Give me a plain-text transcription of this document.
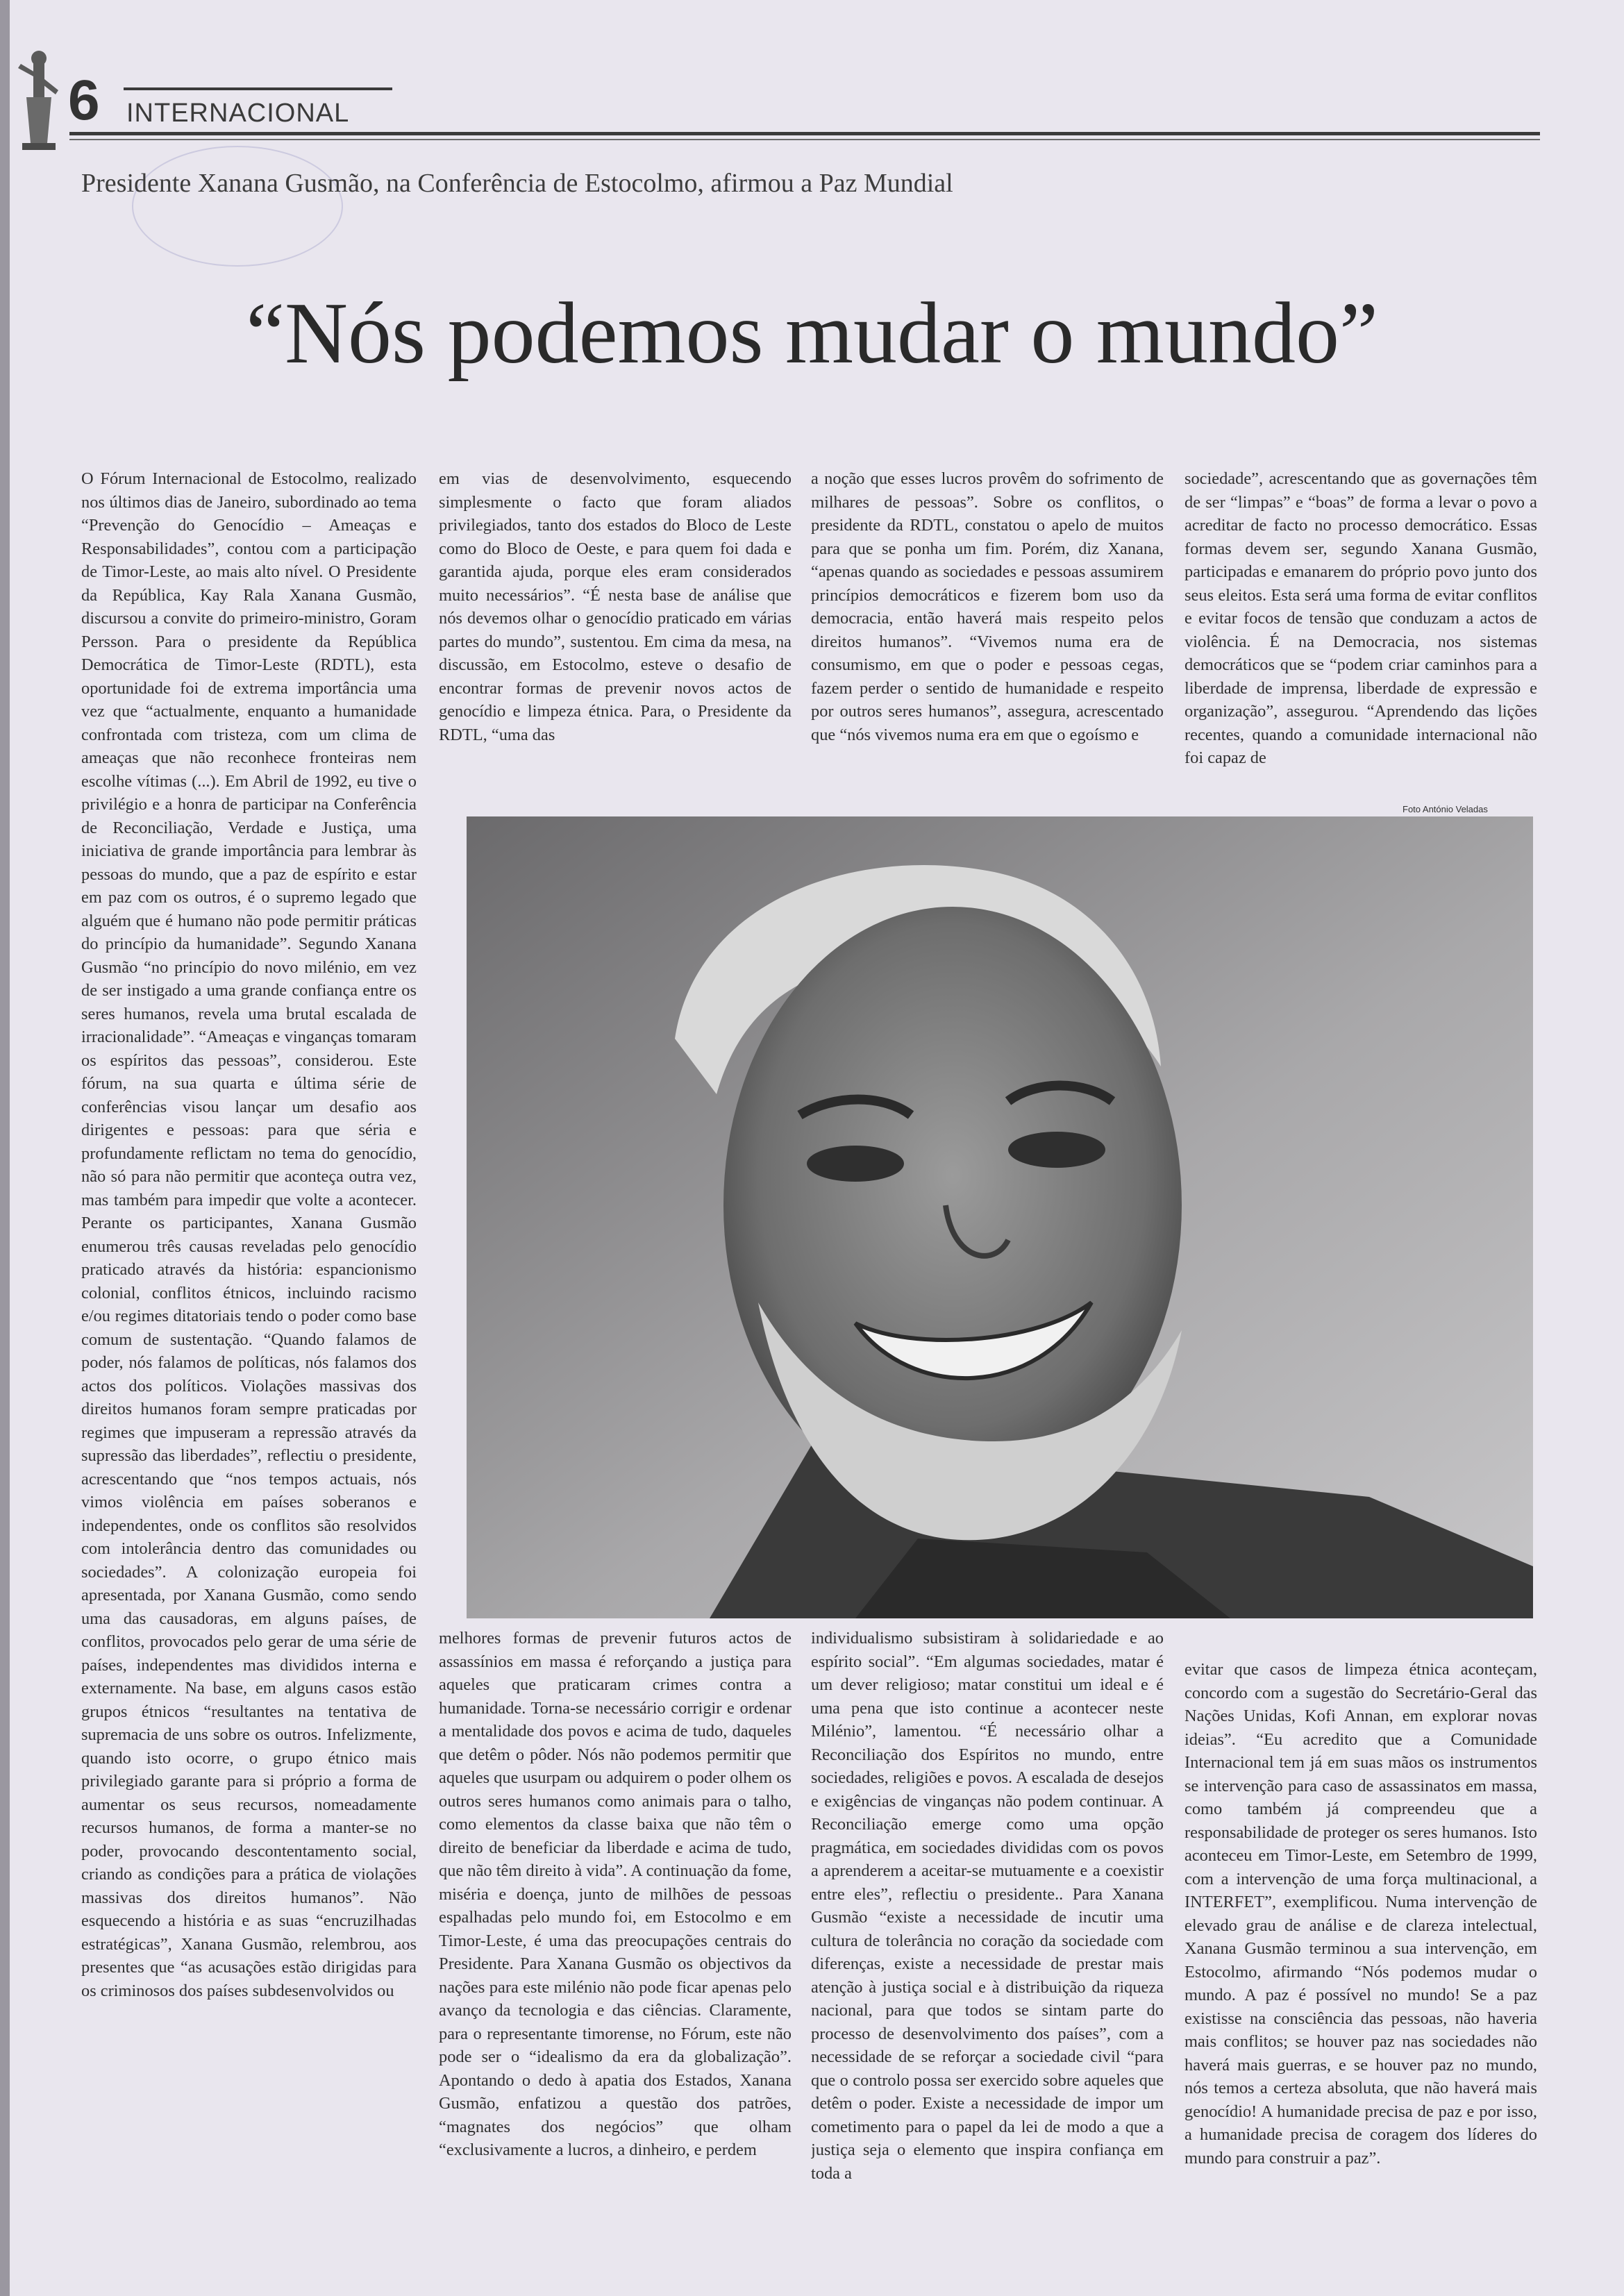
6 INTERNACIONAL
Presidente Xanana Gusmão, na Conferência de Estocolmo, afirmou a Paz Mundial
“Nós podemos mudar o mundo”

O Fórum Internacional de Estocolmo, realizado nos últimos dias de Janeiro, subordinado ao tema “Prevenção do Genocídio – Ameaças e Responsabilidades”, contou com a participação de Timor-Leste, ao mais alto nível. O Presidente da República, Kay Rala Xanana Gusmão, discursou a convite do primeiro-ministro, Goram Persson. Para o presidente da República Democrática de Timor-Leste (RDTL), esta oportunidade foi de extrema importância uma vez que “actualmente, enquanto a humanidade confrontada com tristeza, com um clima de ameaças que não reconhece fronteiras nem escolhe vítimas (...). Em Abril de 1992, eu tive o privilégio e a honra de participar na Conferência de Reconciliação, Verdade e Justiça, uma iniciativa de grande importância para lembrar às pessoas do mundo, que a paz de espírito e estar em paz com os outros, é o supremo legado que alguém que é humano não pode permitir práticas do princípio da humanidade”. Segundo Xanana Gusmão “no princípio do novo milénio, em vez de ser instigado a uma grande confiança entre os seres humanos, revela uma brutal escalada de irracionalidade”. “Ameaças e vinganças tomaram os espíritos das pessoas”, considerou. Este fórum, na sua quarta e última série de conferências visou lançar um desafio aos dirigentes e pessoas: para que séria e profundamente reflictam no tema do genocídio, não só para não permitir que aconteça outra vez, mas também para impedir que volte a acontecer. Perante os participantes, Xanana Gusmão enumerou três causas reveladas pelo genocídio praticado através da história: espancionismo colonial, conflitos étnicos, incluindo racismo e/ou regimes ditatoriais tendo o poder como base comum de sustentação. “Quando falamos de poder, nós falamos de políticas, nós falamos dos actos dos políticos. Violações massivas dos direitos humanos foram sempre praticadas por regimes que impuseram a repressão através da supressão das liberdades”, reflectiu o presidente, acrescentando que “nos tempos actuais, nós vimos violência em países soberanos e independentes, onde os conflitos são resolvidos com intolerância dentro das comunidades ou sociedades”. A colonização europeia foi apresentada, por Xanana Gusmão, como sendo uma das causadoras, em alguns países, de conflitos, provocados pelo gerar de uma série de países, independentes mas divididos interna e externamente. Na base, em alguns casos estão grupos étnicos “resultantes na tentativa de supremacia de uns sobre os outros. Infelizmente, quando isto ocorre, o grupo étnico mais privilegiado garante para si próprio a forma de aumentar os seus recursos, nomeadamente recursos humanos, de forma a manter-se no poder, provocando descontentamento social, criando as condições para a prática de violações massivas dos direitos humanos”. Não esquecendo a história e as suas “encruzilhadas estratégicas”, Xanana Gusmão, relembrou, aos presentes que “as acusações estão dirigidas para os criminosos dos países subdesenvolvidos ou

em vias de desenvolvimento, esquecendo simplesmente o facto que foram aliados privilegiados, tanto dos estados do Bloco de Leste como do Bloco de Oeste, e para quem foi dada e garantida ajuda, porque eles eram considerados muito necessários”. “É nesta base de análise que nós devemos olhar o genocídio praticado em várias partes do mundo”, sustentou. Em cima da mesa, na discussão, em Estocolmo, esteve o desafio de encontrar formas de prevenir novos actos de genocídio e limpeza étnica. Para, o Presidente da RDTL, “uma das

a noção que esses lucros provêm do sofrimento de milhares de pessoas”. Sobre os conflitos, o presidente da RDTL, constatou o apelo de muitos para que se ponha um fim. Porém, diz Xanana, “apenas quando as sociedades e pessoas assumirem princípios democráticos e fizerem bom uso da democracia, então haverá mais respeito pelos direitos humanos”. “Vivemos numa era de consumismo, em que o poder e pessoas cegas, fazem perder o sentido de humanidade e respeito por outros seres humanos”, assegura, acrescentado que “nós vivemos numa era em que o egoísmo e

sociedade”, acrescentando que as governações têm de ser “limpas” e “boas” de forma a levar o povo a acreditar de facto no processo democrático. Essas formas devem ser, segundo Xanana Gusmão, participadas e emanarem do próprio povo junto dos seus eleitos. Esta será uma forma de evitar conflitos e evitar focos de tensão que conduzam a actos de violência. É na Democracia, nos sistemas democráticos que se “podem criar caminhos para a liberdade de imprensa, liberdade de expressão e organização”, assegurou. “Aprendendo das lições recentes, quando a comunidade internacional não foi capaz de

Foto António Veladas

melhores formas de prevenir futuros actos de assassínios em massa é reforçando a justiça para aqueles que praticaram crimes contra a humanidade. Torna-se necessário corrigir e ordenar a mentalidade dos povos e acima de tudo, daqueles que detêm o pôder. Nós não podemos permitir que aqueles que usurpam ou adquirem o poder olhem os outros seres humanos como animais para o talho, como elementos da classe baixa que não têm o direito de beneficiar da liberdade e acima de tudo, que não têm direito à vida”. A continuação da fome, miséria e doença, junto de milhões de pessoas espalhadas pelo mundo foi, em Estocolmo e em Timor-Leste, é uma das preocupações centrais do Presidente. Para Xanana Gusmão os objectivos da nações para este milénio não pode ficar apenas pelo avanço da tecnologia e das ciências. Claramente, para o representante timorense, no Fórum, este não pode ser o “idealismo da era da globalização”. Apontando o dedo à apatia dos Estados, Xanana Gusmão, enfatizou a questão dos patrões, “magnates dos negócios” que olham “exclusivamente a lucros, a dinheiro, e perdem

individualismo subsistiram à solidariedade e ao espírito social”. “Em algumas sociedades, matar é um dever religioso; matar constitui um ideal e é uma pena que isto continue a acontecer neste Milénio”, lamentou. “É necessário olhar a Reconciliação dos Espíritos no mundo, entre sociedades, religiões e povos. A escalada de desejos e exigências de vinganças não podem continuar. A Reconciliação emerge como uma opção pragmática, em sociedades divididas com os povos a aprenderem a aceitar-se mutuamente e a coexistir entre eles”, reflectiu o presidente.. Para Xanana Gusmão “existe a necessidade de incutir uma cultura de tolerância no coração da sociedade com diferenças, existe a necessidade de prestar mais atenção à justiça social e à distribuição da riqueza nacional, para que todos se sintam parte do processo de desenvolvimento dos países”, com a necessidade de se reforçar a sociedade civil “para que o controlo possa ser exercido sobre aqueles que detêm o poder. Existe a necessidade de impor um cometimento para o papel da lei de modo a que a justiça seja o elemento que inspira confiança em toda a

evitar que casos de limpeza étnica aconteçam, concordo com a sugestão do Secretário-Geral das Nações Unidas, Kofi Annan, em explorar novas ideias”. “Eu acredito que a Comunidade Internacional tem já em suas mãos os instrumentos se intervenção para caso de assassinatos em massa, como também já compreendeu que a responsabilidade de proteger os seres humanos. Isto aconteceu em Timor-Leste, em Setembro de 1999, com a intervenção de uma força multinacional, a INTERFET”, exemplificou. Numa intervenção de elevado grau de análise e de clareza intelectual, Xanana Gusmão terminou a sua intervenção, em Estocolmo, afirmando “Nós podemos mudar o mundo. A paz é possível no mundo! Se a paz existisse na consciência das pessoas, não haveria mais conflitos; se houver paz nas sociedades não haverá mais guerras, e se houver paz no mundo, nós temos a certeza absoluta, que não haverá mais genocídio! A humanidade precisa de paz e por isso, a humanidade precisa de coragem dos líderes do mundo para construir a paz”.
